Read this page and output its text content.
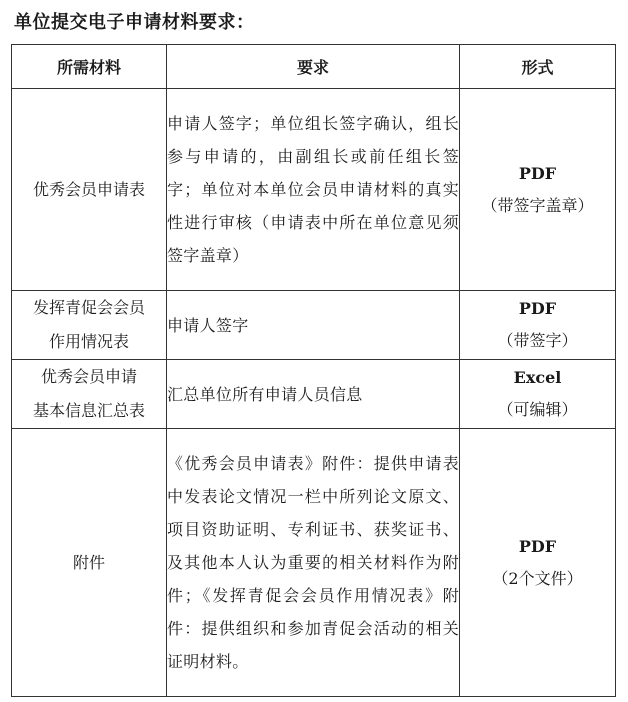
单位提交电子申请材料要求：
所需材料	要求	形式

优秀会员申请表	申请人签字；单位组长签字确认，组长参与申请的，由副组长或前任组长签字；单位对本单位会员申请材料的真实性进行审核（申请表中所在单位意见须签字盖章）	PDF
（带签字盖章）

发挥青促会会员
作用情况表	申请人签字	PDF
（带签字）

优秀会员申请
基本信息汇总表	汇总单位所有申请人员信息	Excel
（可编辑）

附件	《优秀会员申请表》附件：提供申请表中发表论文情况一栏中所列论文原文、项目资助证明、专利证书、获奖证书、及其他本人认为重要的相关材料作为附件；《发挥青促会会员作用情况表》附件：提供组织和参加青促会活动的相关证明材料。	PDF
（2个文件）
